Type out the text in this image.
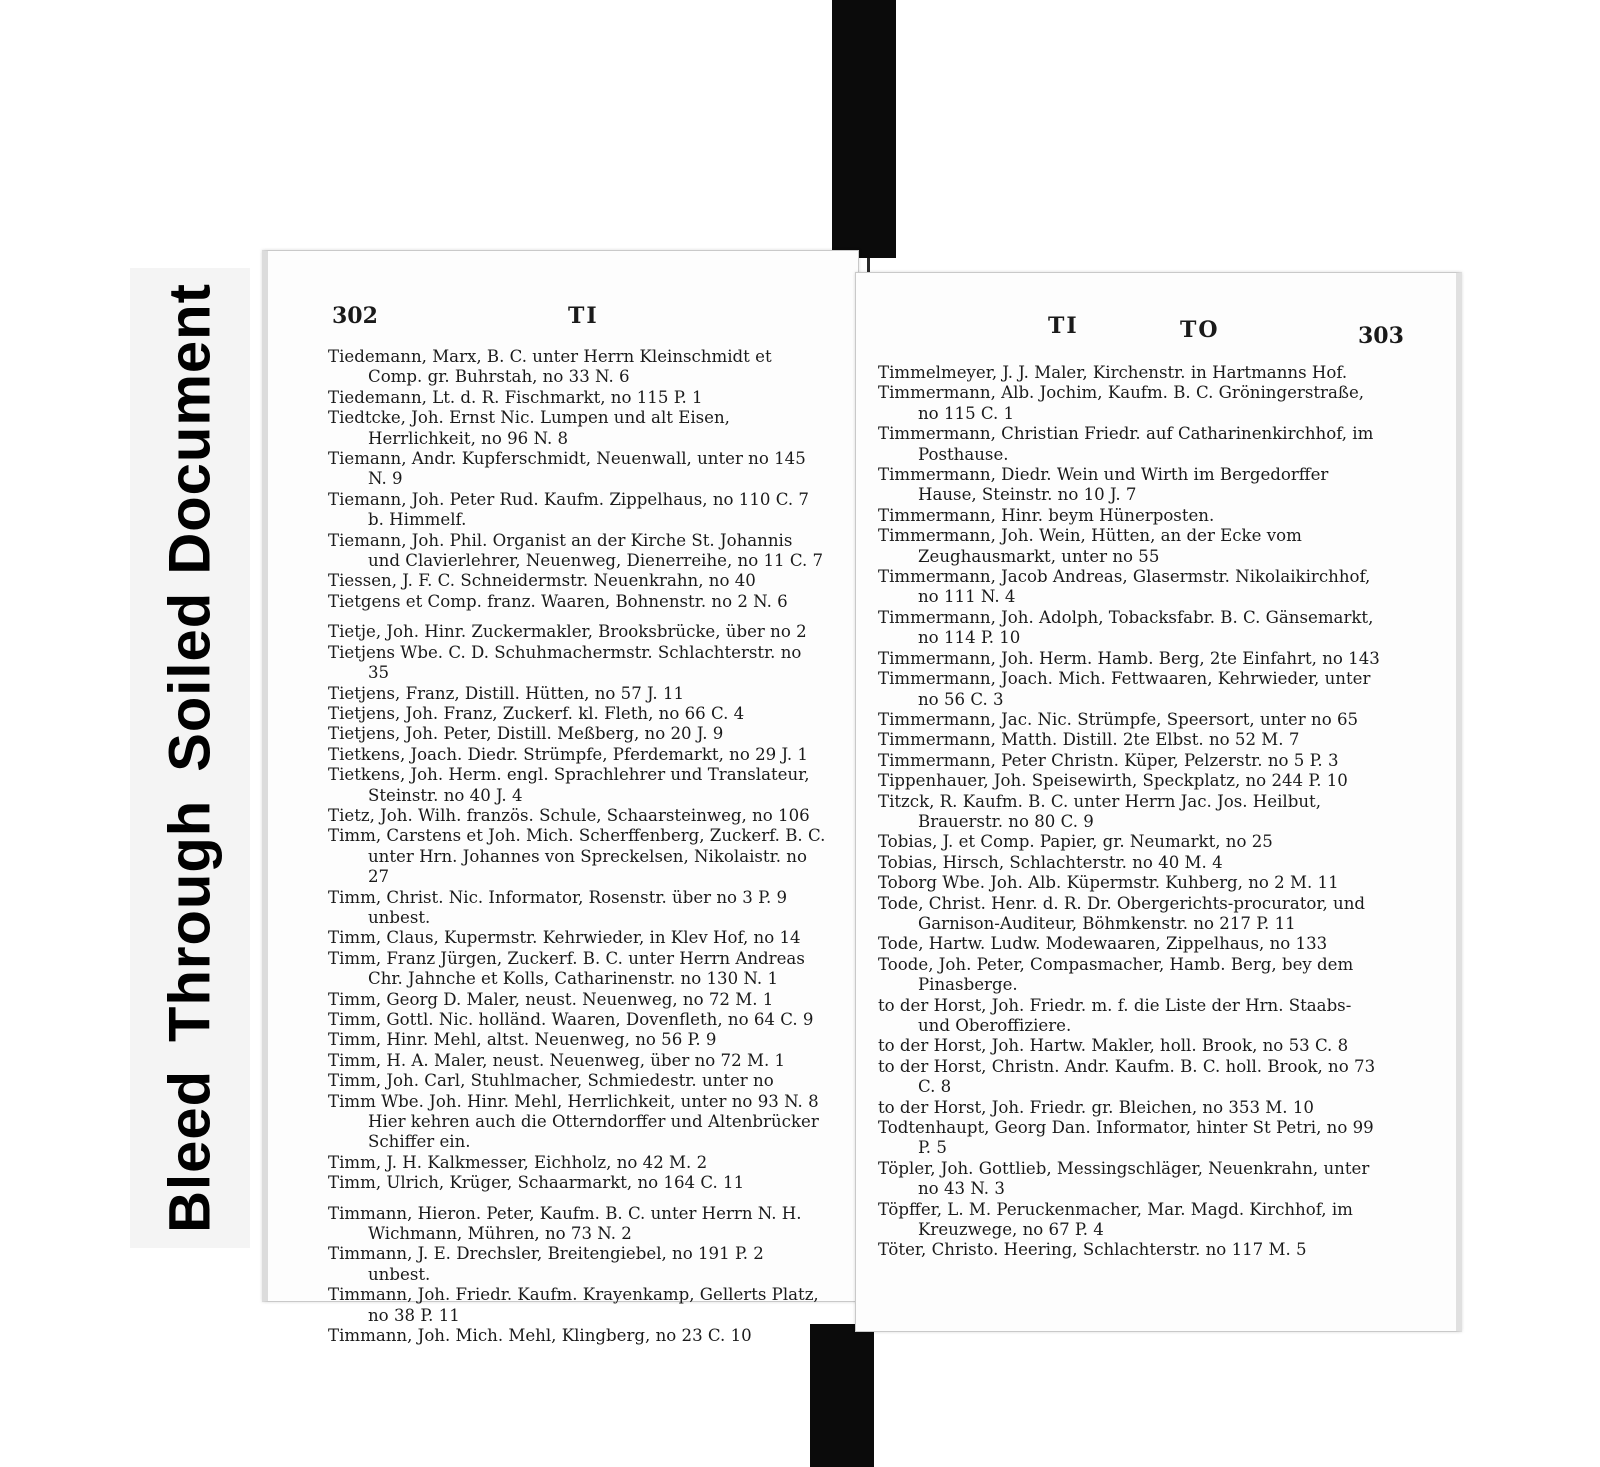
BleedThroughSoiled Document	302	TI

Tiedemann, Marx, B. C. unter Herrn Kleinschmidt et Comp. gr. Buhrstah, no 33 N. 6

Tiedemann, Lt. d. R. Fischmarkt, no 115 P. 1

Tiedtcke, Joh. Ernst Nic. Lumpen und alt Eisen, Herrlichkeit, no 96 N. 8

Tiemann, Andr. Kupferschmidt, Neuenwall, unter no 145 N. 9

Tiemann, Joh. Peter Rud. Kaufm. Zippelhaus, no 110 C. 7 b. Himmelf.

Tiemann, Joh. Phil. Organist an der Kirche St. Johannis und Clavierlehrer, Neuenweg, Dienerreihe, no 11 C. 7

Tiessen, J. F. C. Schneidermstr. Neuenkrahn, no 40

Tietgens et Comp. franz. Waaren, Bohnenstr. no 2 N. 6

Tietje, Joh. Hinr. Zuckermakler, Brooksbrücke, über no 2

Tietjens Wbe. C. D. Schuhmachermstr. Schlachterstr. no 35

Tietjens, Franz, Distill. Hütten, no 57 J. 11

Tietjens, Joh. Franz, Zuckerf. kl. Fleth, no 66 C. 4

Tietjens, Joh. Peter, Distill. Meßberg, no 20 J. 9

Tietkens, Joach. Diedr. Strümpfe, Pferdemarkt, no 29 J. 1

Tietkens, Joh. Herm. engl. Sprachlehrer und Translateur, Steinstr. no 40 J. 4

Tietz, Joh. Wilh. französ. Schule, Schaarsteinweg, no 106

Timm, Carstens et Joh. Mich. Scherffenberg, Zuckerf. B. C. unter Hrn. Johannes von Spreckelsen, Nikolaistr. no 27

Timm, Christ. Nic. Informator, Rosenstr. über no 3 P. 9 unbest.

Timm, Claus, Kupermstr. Kehrwieder, in Klev Hof, no 14

Timm, Franz Jürgen, Zuckerf. B. C. unter Herrn Andreas Chr. Jahnche et Kolls, Catharinenstr. no 130 N. 1

Timm, Georg D. Maler, neust. Neuenweg, no 72 M. 1

Timm, Gottl. Nic. holländ. Waaren, Dovenfleth, no 64 C. 9

Timm, Hinr. Mehl, altst. Neuenweg, no 56 P. 9

Timm, H. A. Maler, neust. Neuenweg, über no 72 M. 1

Timm, Joh. Carl, Stuhlmacher, Schmiedestr. unter no

Timm Wbe. Joh. Hinr. Mehl, Herrlichkeit, unter no 93 N. 8 Hier kehren auch die Otterndorffer und Altenbrücker Schiffer ein.

Timm, J. H. Kalkmesser, Eichholz, no 42 M. 2

Timm, Ulrich, Krüger, Schaarmarkt, no 164 C. 11

Timmann, Hieron. Peter, Kaufm. B. C. unter Herrn N. H. Wichmann, Mühren, no 73 N. 2

Timmann, J. E. Drechsler, Breitengiebel, no 191 P. 2 unbest.

Timmann, Joh. Friedr. Kaufm. Krayenkamp, Gellerts Platz, no 38 P. 11

Timmann, Joh. Mich. Mehl, Klingberg, no 23 C. 10

TI	TO	303

Timmelmeyer, J. J. Maler, Kirchenstr. in Hartmanns Hof.

Timmermann, Alb. Jochim, Kaufm. B. C. Gröningerstraße, no 115 C. 1

Timmermann, Christian Friedr. auf Catharinenkirchhof, im Posthause.

Timmermann, Diedr. Wein und Wirth im Bergedorffer Hause, Steinstr. no 10 J. 7

Timmermann, Hinr. beym Hünerposten.

Timmermann, Joh. Wein, Hütten, an der Ecke vom Zeughausmarkt, unter no 55

Timmermann, Jacob Andreas, Glasermstr. Nikolaikirchhof, no 111 N. 4

Timmermann, Joh. Adolph, Tobacksfabr. B. C. Gänsemarkt, no 114 P. 10

Timmermann, Joh. Herm. Hamb. Berg, 2te Einfahrt, no 143

Timmermann, Joach. Mich. Fettwaaren, Kehrwieder, unter no 56 C. 3

Timmermann, Jac. Nic. Strümpfe, Speersort, unter no 65

Timmermann, Matth. Distill. 2te Elbst. no 52 M. 7

Timmermann, Peter Christn. Küper, Pelzerstr. no 5 P. 3

Tippenhauer, Joh. Speisewirth, Speckplatz, no 244 P. 10

Titzck, R. Kaufm. B. C. unter Herrn Jac. Jos. Heilbut, Brauerstr. no 80 C. 9

Tobias, J. et Comp. Papier, gr. Neumarkt, no 25

Tobias, Hirsch, Schlachterstr. no 40 M. 4

Toborg Wbe. Joh. Alb. Küpermstr. Kuhberg, no 2 M. 11

Tode, Christ. Henr. d. R. Dr. Obergerichts-procurator, und Garnison-Auditeur, Böhmkenstr. no 217 P. 11

Tode, Hartw. Ludw. Modewaaren, Zippelhaus, no 133

Toode, Joh. Peter, Compasmacher, Hamb. Berg, bey dem Pinasberge.

to der Horst, Joh. Friedr. m. f. die Liste der Hrn. Staabs- und Oberoffiziere.

to der Horst, Joh. Hartw. Makler, holl. Brook, no 53 C. 8

to der Horst, Christn. Andr. Kaufm. B. C. holl. Brook, no 73 C. 8

to der Horst, Joh. Friedr. gr. Bleichen, no 353 M. 10

Todtenhaupt, Georg Dan. Informator, hinter St Petri, no 99 P. 5

Töpler, Joh. Gottlieb, Messingschläger, Neuenkrahn, unter no 43 N. 3

Töpffer, L. M. Peruckenmacher, Mar. Magd. Kirchhof, im Kreuzwege, no 67 P. 4

Töter, Christo. Heering, Schlachterstr. no 117 M. 5
